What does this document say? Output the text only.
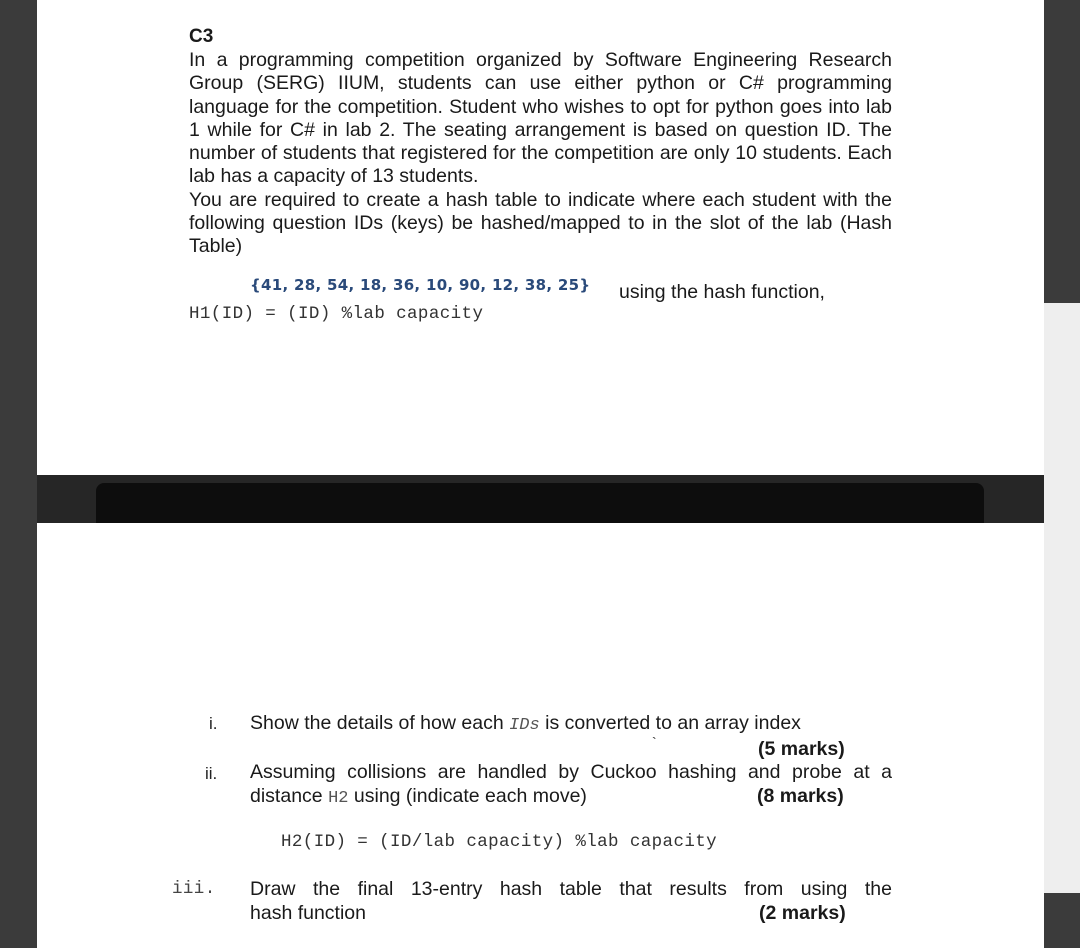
C3

In a programming competition organized by Software Engineering Research Group (SERG) IIUM, students can use either python or C# programming language for the competition. Student who wishes to opt for python goes into lab 1 while for C# in lab 2. The seating arrangement is based on question ID. The number of students that registered for the competition are only 10 students. Each lab has a capacity of 13 students.

You are required to create a hash table to indicate where each student with the following question IDs (keys) be hashed/mapped to in the slot of the lab (Hash Table)

{41, 28, 54, 18, 36, 10, 90, 12, 38, 25} using the hash function,
H1(ID) = (ID) %lab capacity
i. Show the details of how each IDs is converted to an array index
`	(5 marks)
ii. Assuming collisions are handled by Cuckoo hashing and probe at a
distance H2 using (indicate each move)	(8 marks)
H2(ID) = (ID/lab capacity) %lab capacity
iii. Draw the final 13-entry hash table that results from using the
hash function	(2 marks)
